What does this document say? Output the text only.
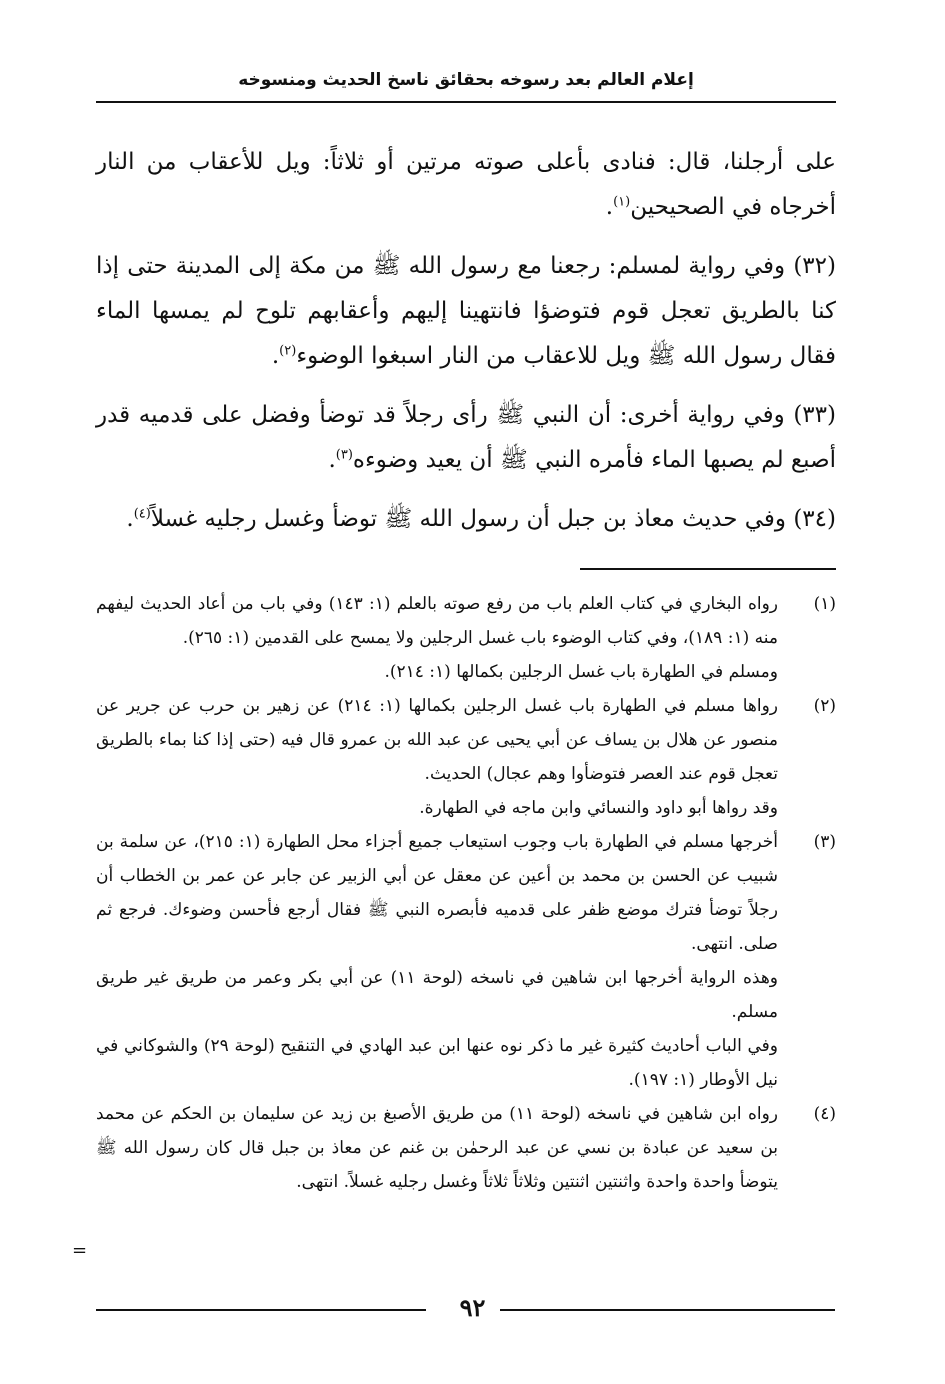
إعلام العالم بعد رسوخه بحقائق ناسخ الحديث ومنسوخه

على أرجلنا، قال: فنادى بأعلى صوته مرتين أو ثلاثاً: ويل للأعقاب من النار أخرجاه في الصحيحين$^{(١)}$.

(٣٢) وفي رواية لمسلم: رجعنا مع رسول الله ﷺ من مكة إلى المدينة حتى إذا كنا بالطريق تعجل قوم فتوضؤا فانتهينا إليهم وأعقابهم تلوح لم يمسها الماء فقال رسول الله ﷺ ويل للاعقاب من النار اسبغوا الوضوء$^{(٢)}$.

(٣٣) وفي رواية أخرى: أن النبي ﷺ رأى رجلاً قد توضأ وفضل على قدميه قدر أصبع لم يصبها الماء فأمره النبي ﷺ أن يعيد وضوءه$^{(٣)}$.

(٣٤) وفي حديث معاذ بن جبل أن رسول الله ﷺ توضأ وغسل رجليه غسلاً$^{(٤)}$.

(١)

رواه البخاري في كتاب العلم باب من رفع صوته بالعلم (١: ١٤٣) وفي باب من أعاد الحديث ليفهم منه (١: ١٨٩)، وفي كتاب الوضوء باب غسل الرجلين ولا يمسح على القدمين (١: ٢٦٥).

ومسلم في الطهارة باب غسل الرجلين بكمالها (١: ٢١٤).

(٢)

رواها مسلم في الطهارة باب غسل الرجلين بكمالها (١: ٢١٤) عن زهير بن حرب عن جرير عن منصور عن هلال بن يساف عن أبي يحيى عن عبد الله بن عمرو قال فيه (حتى إذا كنا بماء بالطريق تعجل قوم عند العصر فتوضأوا وهم عجال) الحديث.

وقد رواها أبو داود والنسائي وابن ماجه في الطهارة.

(٣)

أخرجها مسلم في الطهارة باب وجوب استيعاب جميع أجزاء محل الطهارة (١: ٢١٥)، عن سلمة بن شبيب عن الحسن بن محمد بن أعين عن معقل عن أبي الزبير عن جابر عن عمر بن الخطاب أن رجلاً توضأ فترك موضع ظفر على قدميه فأبصره النبي ﷺ فقال أرجع فأحسن وضوءك. فرجع ثم صلى. انتهى.

وهذه الرواية أخرجها ابن شاهين في ناسخه (لوحة ١١) عن أبي بكر وعمر من طريق غير طريق مسلم.

وفي الباب أحاديث كثيرة غير ما ذكر نوه عنها ابن عبد الهادي في التنقيح (لوحة ٢٩) والشوكاني في نيل الأوطار (١: ١٩٧).

(٤)

رواه ابن شاهين في ناسخه (لوحة ١١) من طريق الأصبغ بن زيد عن سليمان بن الحكم عن محمد بن سعيد عن عبادة بن نسي عن عبد الرحمٰن بن غنم عن معاذ بن جبل قال كان رسول الله ﷺ يتوضأ واحدة واحدة واثنتين اثنتين وثلاثاً ثلاثاً وغسل رجليه غسلاً. انتهى.

=
٩٢
